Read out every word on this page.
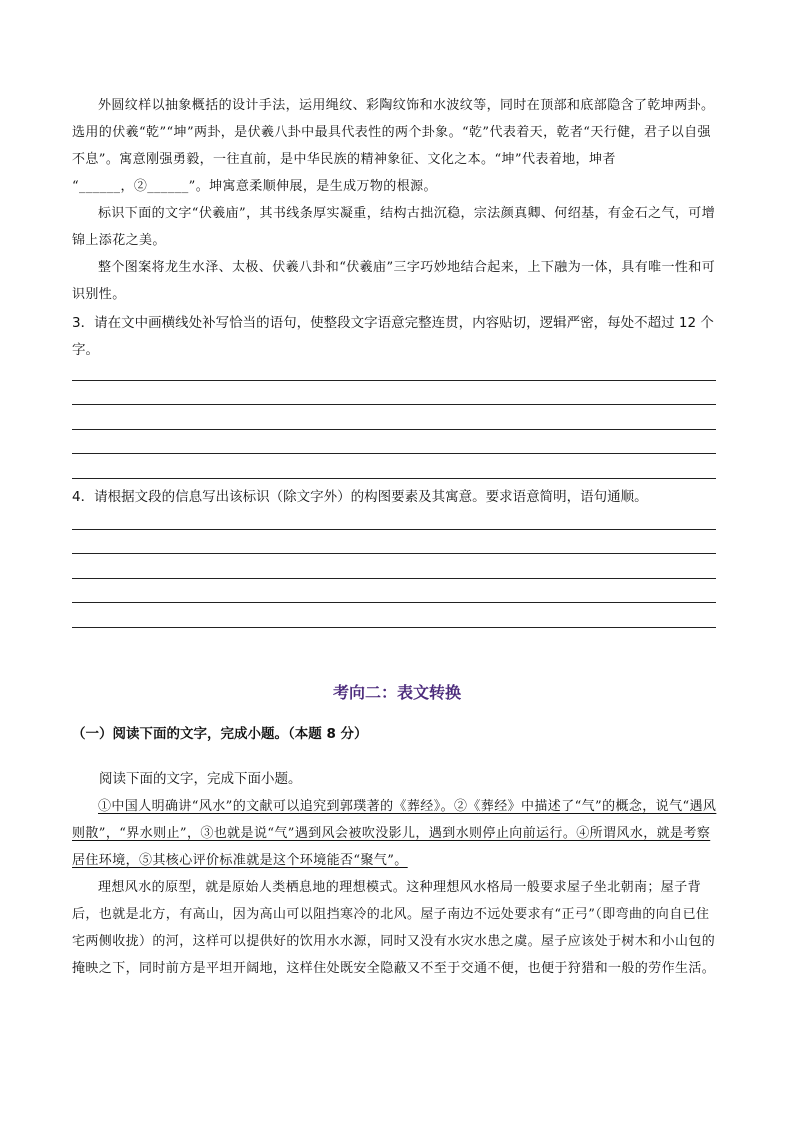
外圆纹样以抽象概括的设计手法，运用绳纹、彩陶纹饰和水波纹等，同时在顶部和底部隐含了乾坤两卦。选用的伏羲“乾”“坤”两卦，是伏羲八卦中最具代表性的两个卦象。“乾”代表着天，乾者“天行健，君子以自强不息”。寓意刚强勇毅，一往直前，是中华民族的精神象征、文化之本。“坤”代表着地，坤者
“______，②______”。坤寓意柔顺伸展，是生成万物的根源。

标识下面的文字“伏羲庙”，其书线条厚实凝重，结构古拙沉稳，宗法颜真卿、何绍基，有金石之气，可增锦上添花之美。

整个图案将龙生水泽、太极、伏羲八卦和“伏羲庙”三字巧妙地结合起来，上下融为一体，具有唯一性和可识别性。

3．请在文中画横线处补写恰当的语句，使整段文字语意完整连贯，内容贴切，逻辑严密，每处不超过 12 个字。

4．请根据文段的信息写出该标识（除文字外）的构图要素及其寓意。要求语意简明，语句通顺。

考向二：表文转换
（一）阅读下面的文字，完成小题。（本题 8 分）

阅读下面的文字，完成下面小题。

①中国人明确讲“风水”的文献可以追究到郭璞著的《葬经》。②《葬经》中描述了“气”的概念，说气“遇风则散”，“界水则止”，③也就是说“气”遇到风会被吹没影儿，遇到水则停止向前运行。④所谓风水，就是考察居住环境，⑤其核心评价标准就是这个环境能否“聚气”。

理想风水的原型，就是原始人类栖息地的理想模式。这种理想风水格局一般要求屋子坐北朝南；屋子背后，也就是北方，有高山，因为高山可以阻挡寒冷的北风。屋子南边不远处要求有“正弓”（即弯曲的向自已住宅两侧收拢）的河，这样可以提供好的饮用水水源，同时又没有水灾水患之虞。屋子应该处于树木和小山包的掩映之下，同时前方是平坦开阔地，这样住处既安全隐蔽又不至于交通不便，也便于狩猎和一般的劳作生活。
